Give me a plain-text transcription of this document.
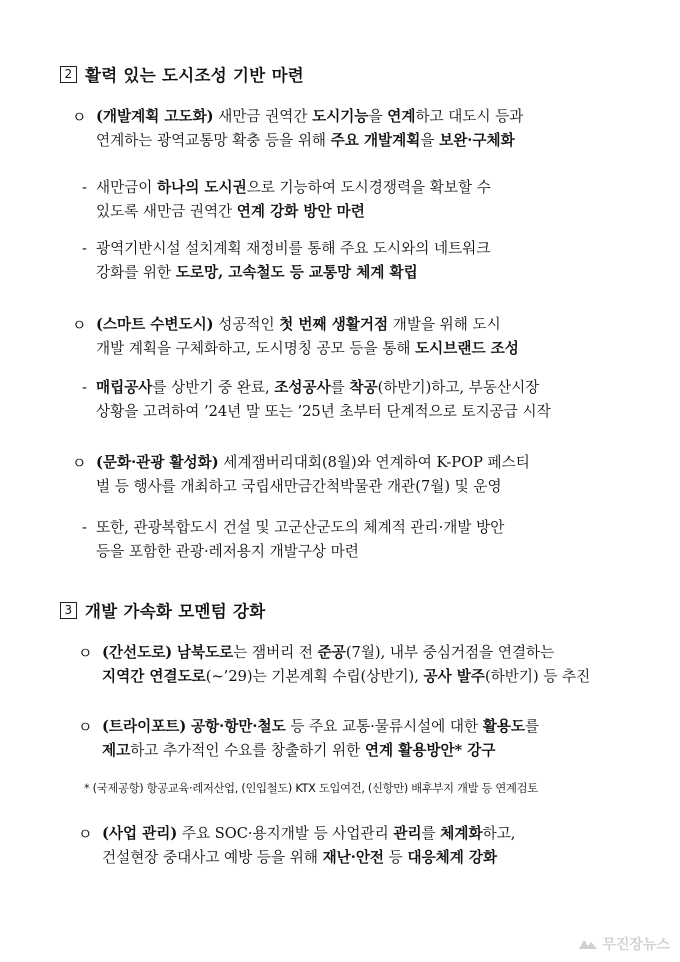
2 활력 있는 도시조성 기반 마련
ㅇ (개발계획 고도화) 새만금 권역간 도시기능을 연계하고 대도시 등과
연계하는 광역교통망 확충 등을 위해 주요 개발계획을 보완·구체화
- 새만금이 하나의 도시권으로 기능하여 도시경쟁력을 확보할 수
있도록 새만금 권역간 연계 강화 방안 마련
- 광역기반시설 설치계획 재정비를 통해 주요 도시와의 네트워크
강화를 위한 도로망, 고속철도 등 교통망 체계 확립
ㅇ (스마트 수변도시) 성공적인 첫 번째 생활거점 개발을 위해 도시
개발 계획을 구체화하고, 도시명칭 공모 등을 통해 도시브랜드 조성
- 매립공사를 상반기 중 완료, 조성공사를 착공(하반기)하고, 부동산시장
상황을 고려하여 ’24년 말 또는 ’25년 초부터 단계적으로 토지공급 시작
ㅇ (문화·관광 활성화) 세계잼버리대회(8월)와 연계하여 K-POP 페스티
벌 등 행사를 개최하고 국립새만금간척박물관 개관(7월) 및 운영
- 또한, 관광복합도시 건설 및 고군산군도의 체계적 관리·개발 방안
등을 포함한 관광·레저용지 개발구상 마련
3 개발 가속화 모멘텀 강화
ㅇ (간선도로) 남북도로는 잼버리 전 준공(7월), 내부 중심거점을 연결하는
지역간 연결도로(~’29)는 기본계획 수립(상반기), 공사 발주(하반기) 등 추진
ㅇ (트라이포트) 공항·항만·철도 등 주요 교통·물류시설에 대한 활용도를
제고하고 추가적인 수요를 창출하기 위한 연계 활용방안* 강구
* (국제공항) 항공교육·레저산업, (인입철도) KTX 도입여건, (신항만) 배후부지 개발 등 연계검토
ㅇ (사업 관리) 주요 SOC·용지개발 등 사업관리 관리를 체계화하고,
건설현장 중대사고 예방 등을 위해 재난·안전 등 대응체계 강화
무진장뉴스
